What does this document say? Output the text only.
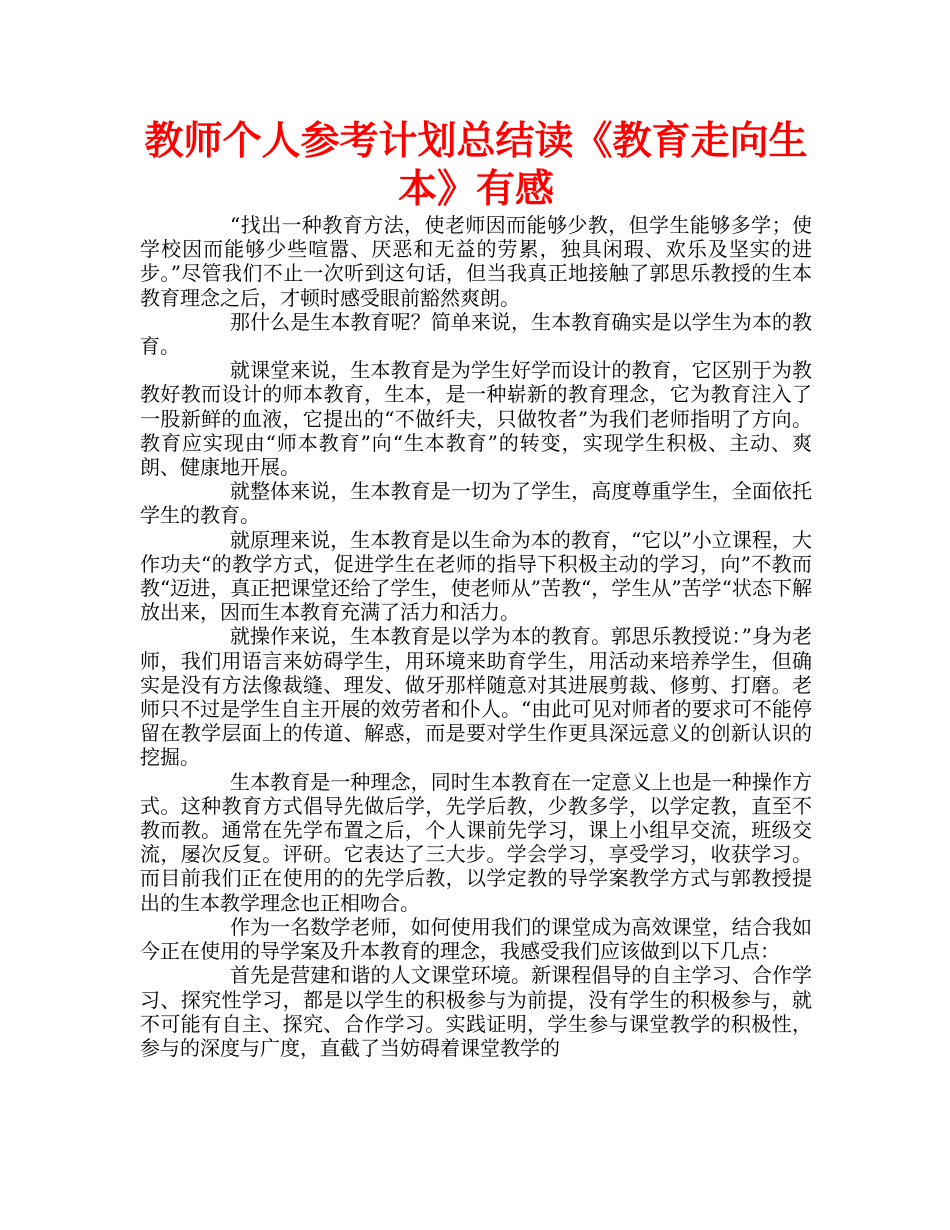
教师个人参考计划总结读《教育走向生本》有感

“找出一种教育方法，使老师因而能够少教，但学生能够多学；使学校因而能够少些喧嚣、厌恶和无益的劳累，独具闲瑕、欢乐及坚实的进步。”尽管我们不止一次听到这句话，但当我真正地接触了郭思乐教授的生本教育理念之后，才顿时感受眼前豁然爽朗。

那什么是生本教育呢？简单来说，生本教育确实是以学生为本的教育。

就课堂来说，生本教育是为学生好学而设计的教育，它区别于为教教好教而设计的师本教育，生本，是一种崭新的教育理念，它为教育注入了一股新鲜的血液，它提出的“不做纤夫，只做牧者”为我们老师指明了方向。教育应实现由“师本教育”向“生本教育”的转变，实现学生积极、主动、爽朗、健康地开展。

就整体来说，生本教育是一切为了学生，高度尊重学生，全面依托学生的教育。

就原理来说，生本教育是以生命为本的教育，“它以”小立课程，大作功夫“的教学方式，促进学生在老师的指导下积极主动的学习，向”不教而教“迈进，真正把课堂还给了学生，使老师从”苦教“，学生从”苦学“状态下解放出来，因而生本教育充满了活力和活力。

就操作来说，生本教育是以学为本的教育。郭思乐教授说：”身为老师，我们用语言来妨碍学生，用环境来助育学生，用活动来培养学生，但确实是没有方法像裁缝、理发、做牙那样随意对其进展剪裁、修剪、打磨。老师只不过是学生自主开展的效劳者和仆人。“由此可见对师者的要求可不能停留在教学层面上的传道、解惑，而是要对学生作更具深远意义的创新认识的挖掘。

生本教育是一种理念，同时生本教育在一定意义上也是一种操作方式。这种教育方式倡导先做后学，先学后教，少教多学，以学定教，直至不教而教。通常在先学布置之后，个人课前先学习，课上小组早交流，班级交流，屡次反复。评研。它表达了三大步。学会学习，享受学习，收获学习。而目前我们正在使用的的先学后教，以学定教的导学案教学方式与郭教授提出的生本教学理念也正相吻合。

作为一名数学老师，如何使用我们的课堂成为高效课堂，结合我如今正在使用的导学案及升本教育的理念，我感受我们应该做到以下几点：

首先是营建和谐的人文课堂环境。新课程倡导的自主学习、合作学习、探究性学习，都是以学生的积极参与为前提，没有学生的积极参与，就不可能有自主、探究、合作学习。实践证明，学生参与课堂教学的积极性，参与的深度与广度，直截了当妨碍着课堂教学的
